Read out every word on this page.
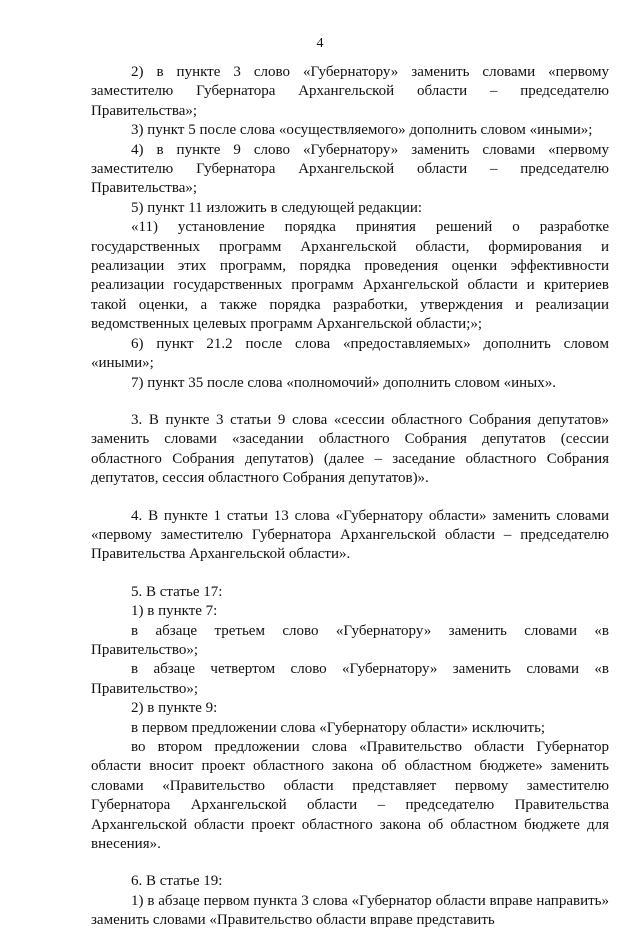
4

2) в пункте 3 слово «Губернатору» заменить словами «первому заместителю Губернатора Архангельской области – председателю Правительства»;

3) пункт 5 после слова «осуществляемого» дополнить словом «иными»;

4) в пункте 9 слово «Губернатору» заменить словами «первому заместителю Губернатора Архангельской области – председателю Правительства»;

5) пункт 11 изложить в следующей редакции:

«11) установление порядка принятия решений о разработке государственных программ Архангельской области, формирования и реализации этих программ, порядка проведения оценки эффективности реализации государственных программ Архангельской области и критериев такой оценки, а также порядка разработки, утверждения и реализации ведомственных целевых программ Архангельской области;»;

6) пункт 21.2 после слова «предоставляемых» дополнить словом «иными»;

7) пункт 35 после слова «полномочий» дополнить словом «иных».

3. В пункте 3 статьи 9 слова «сессии областного Собрания депутатов» заменить словами «заседании областного Собрания депутатов (сессии областного Собрания депутатов) (далее – заседание областного Собрания депутатов, сессия областного Собрания депутатов)».

4. В пункте 1 статьи 13 слова «Губернатору области» заменить словами «первому заместителю Губернатора Архангельской области – председателю Правительства Архангельской области».

5. В статье 17:

1) в пункте 7:

в абзаце третьем слово «Губернатору» заменить словами «в Правительство»;

в абзаце четвертом слово «Губернатору» заменить словами «в Правительство»;

2) в пункте 9:

в первом предложении слова «Губернатору области» исключить;

во втором предложении слова «Правительство области Губернатор области вносит проект областного закона об областном бюджете» заменить словами «Правительство области представляет первому заместителю Губернатора Архангельской области – председателю Правительства Архангельской области проект областного закона об областном бюджете для внесения».

6. В статье 19:

1) в абзаце первом пункта 3 слова «Губернатор области вправе направить» заменить словами «Правительство области вправе представить
